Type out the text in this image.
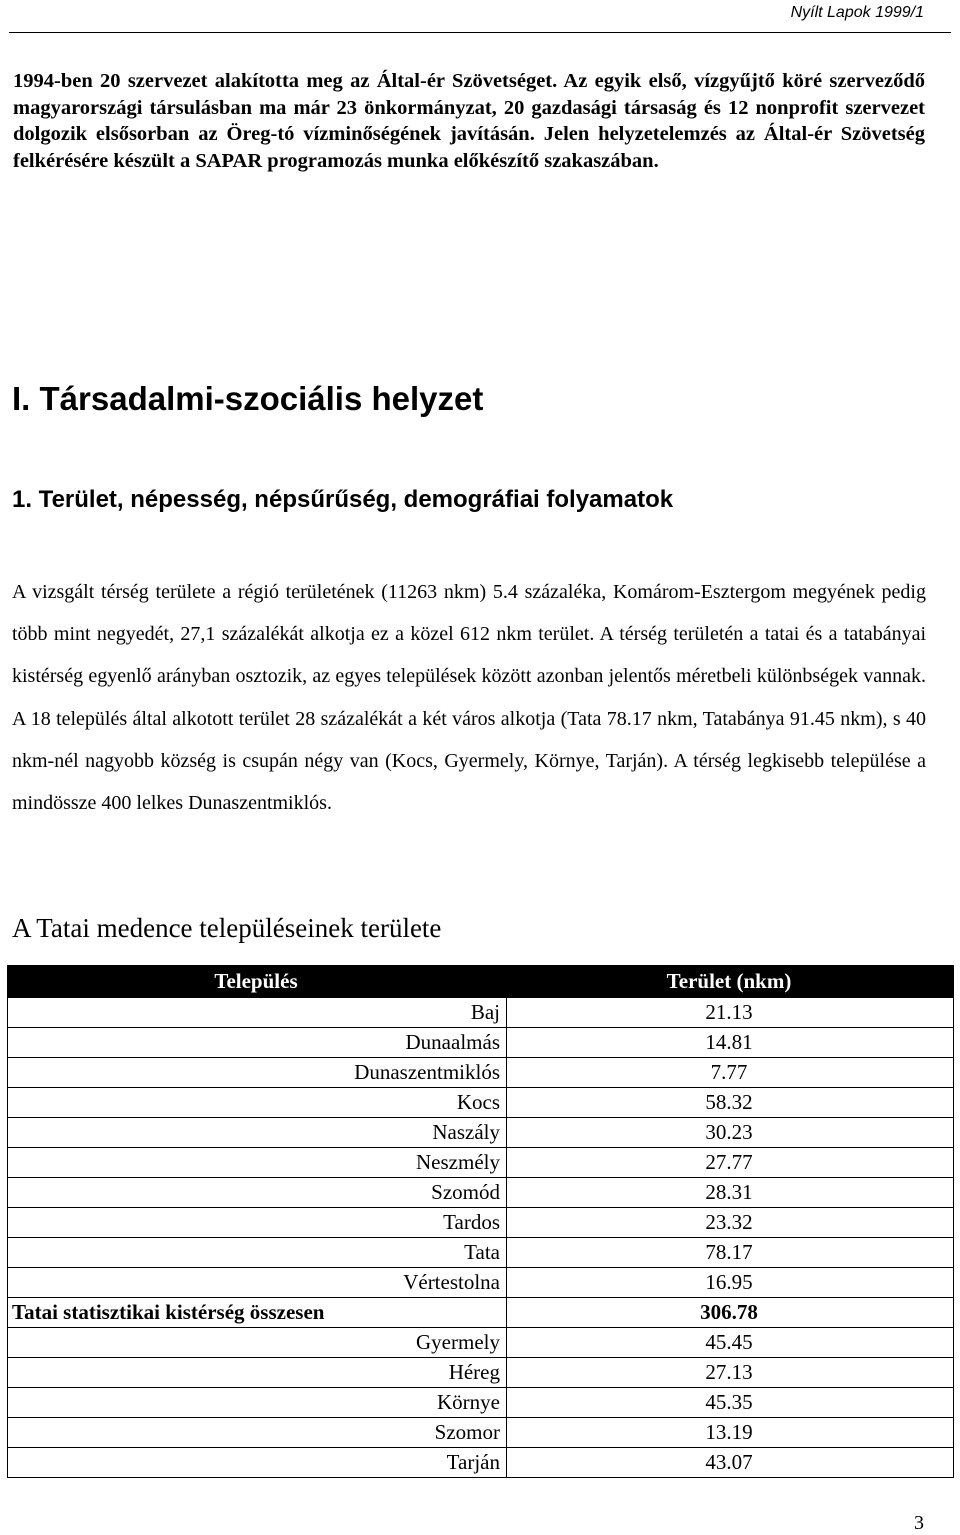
Nyílt Lapok 1999/1

1994-ben 20 szervezet alakította meg az Által-ér Szövetséget. Az egyik első, vízgyűjtő köré szerveződő magyarországi társulásban ma már 23 önkormányzat, 20 gazdasági társaság és 12 nonprofit szervezet dolgozik elsősorban az Öreg-tó vízminőségének javításán. Jelen helyzetelemzés az Által-ér Szövetség felkérésére készült a SAPAR programozás munka előkészítő szakaszában.

I. Társadalmi-szociális helyzet
1. Terület, népesség, népsűrűség, demográfiai folyamatok

A vizsgált térség területe a régió területének (11263 nkm) 5.4 százaléka, Komárom-Esztergom megyének pedig több mint negyedét, 27,1 százalékát alkotja ez a közel 612 nkm terület. A térség területén a tatai és a tatabányai kistérség egyenlő arányban osztozik, az egyes települések között azonban jelentős méretbeli különbségek vannak. A 18 település által alkotott terület 28 százalékát a két város alkotja (Tata 78.17 nkm, Tatabánya 91.45 nkm), s 40 nkm-nél nagyobb község is csupán négy van (Kocs, Gyermely, Környe, Tarján). A térség legkisebb települése a mindössze 400 lelkes Dunaszentmiklós.

A Tatai medence településeinek területe
Település	Terület (nkm)
Baj	21.13
Dunaalmás	14.81
Dunaszentmiklós	7.77
Kocs	58.32
Naszály	30.23
Neszmély	27.77
Szomód	28.31
Tardos	23.32
Tata	78.17
Vértestolna	16.95
Tatai statisztikai kistérség összesen	306.78
Gyermely	45.45
Héreg	27.13
Környe	45.35
Szomor	13.19
Tarján	43.07
3
